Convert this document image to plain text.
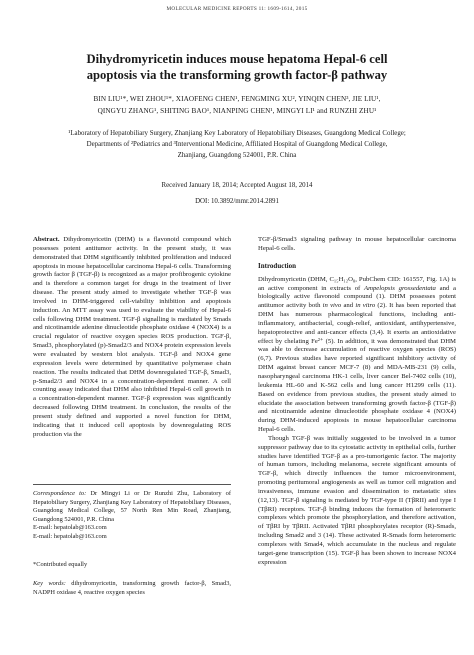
MOLECULAR MEDICINE REPORTS 11: 1609-1614, 2015
Dihydromyricetin induces mouse hepatoma Hepal-6 cell
apoptosis via the transforming growth factor-β pathway
BIN LIU¹*, WEI ZHOU¹*, XIAOFENG CHEN¹, FENGMING XU², YINQIN CHEN³, JIE LIU¹,
QINGYU ZHANG¹, SHITING BAO¹, NIANPING CHEN¹, MINGYI LI¹ and RUNZHI ZHU¹
¹Laboratory of Hepatobiliary Surgery, Zhanjiang Key Laboratory of Hepatobiliary Diseases, Guangdong Medical College;
Departments of ²Pediatrics and ³Interventional Medicine, Affiliated Hospital of Guangdong Medical College,
Zhanjiang, Guangdong 524001, P.R. China
Received January 18, 2014; Accepted August 18, 2014
DOI: 10.3892/mmr.2014.2891

Abstract. Dihydromyricetin (DHM) is a flavonoid compound which possesses potent antitumor activity. In the present study, it was demonstrated that DHM significantly inhibited proliferation and induced apoptosis in mouse hepatocellular carcinoma Hepal-6 cells. Transforming growth factor β (TGF-β) is recognized as a major profibrogenic cytokine and is therefore a common target for drugs in the treatment of liver disease. The present study aimed to investigate whether TGF-β was involved in DHM-triggered cell-viability inhibition and apoptosis induction. An MTT assay was used to evaluate the viability of Hepal-6 cells following DHM treatment. TGF-β signalling is mediated by Smads and nicotinamide adenine dinucleotide phosphate oxidase 4 (NOX4) is a crucial regulator of reactive oxygen species ROS production. TGF-β, Smad3, phosphorylated (p)-Smad2/3 and NOX4 protein expression levels were evaluated by western blot analysis. TGF-β and NOX4 gene expression levels were determined by quantitative polymerase chain reaction. The results indicated that DHM downregulated TGF-β, Smad3, p-Smad2/3 and NOX4 in a concentration-dependent manner. A cell counting assay indicated that DHM also inhibited Hepal-6 cell growth in a concentration-dependent manner. TGF-β expression was significantly decreased following DHM treatment. In conclusion, the results of the present study defined and supported a novel function for DHM, indicating that it induced cell apoptosis by downregulating ROS production via the

Correspondence to: Dr Mingyi Li or Dr Runzhi Zhu, Laboratory of Hepatobiliary Surgery, Zhanjiang Key Laboratory of Hepatobiliary Diseases, Guangdong Medical College, 57 North Ren Min Road, Zhanjiang, Guangdong 524001, P.R. China

E-mail: hepatolab@163.com

E-mail: hepatolab@163.com

*Contributed equally

Key words: dihydromyricetin, transforming growth factor-β, Smad3, NADPH oxidase 4, reactive oxygen species

TGF-β/Smad3 signaling pathway in mouse hepatocellular carcinoma Hepal-6 cells.

Introduction

Dihydromyricetin (DHM, C₁₅H₁₂O₈, PubChem CID: 161557, Fig. 1A) is an active component in extracts of Ampelopsis grossedentata and a biologically active flavonoid compound (1). DHM possesses potent antitumor activity both in vivo and in vitro (2). It has been reported that DHM has numerous pharmacological functions, including anti-inflammatory, antibacterial, cough-relief, antioxidant, antihypertensive, hepatoprotective and anti-cancer effects (3,4). It exerts an antioxidative effect by chelating Fe²⁺ (5). In addition, it was demonstrated that DHM was able to decrease accumulation of reactive oxygen species (ROS) (6,7). Previous studies have reported significant inhibitory activity of DHM against breast cancer MCF-7 (8) and MDA-MB-231 (9) cells, nasopharyngeal carcinoma HK-1 cells, liver cancer Bel-7402 cells (10), leukemia HL-60 and K-562 cells and lung cancer H1299 cells (11). Based on evidence from previous studies, the present study aimed to elucidate the association between transforming growth factor-β (TGF-β) and nicotinamide adenine dinucleotide phosphate oxidase 4 (NOX4) during DHM-induced apoptosis in mouse hepatocellular carcinoma Hepal-6 cells.

Though TGF-β was initially suggested to be involved in a tumor suppressor pathway due to its cytostatic activity in epithelial cells, further studies have identified TGF-β as a pro-tumorigenic factor. The majority of human tumors, including melanoma, secrete significant amounts of TGF-β, which directly influences the tumor microenvironment, promoting peritumoral angiogenesis as well as tumor cell migration and invasiveness, immune evasion and dissemination to metastatic sites (12,13). TGF-β signaling is mediated by TGF-type II (TβRII) and type I (TβRI) receptors. TGF-β binding induces the formation of heteromeric complexes which promote the phosphorylation, and therefore activation, of TβRI by TβRII. Activated TβRI phosphorylates receptor (R)-Smads, including Smad2 and 3 (14). These activated R-Smads form heteromeric complexes with Smad4, which accumulate in the nucleus and regulate target-gene transcription (15). TGF-β has been shown to increase NOX4 expression
